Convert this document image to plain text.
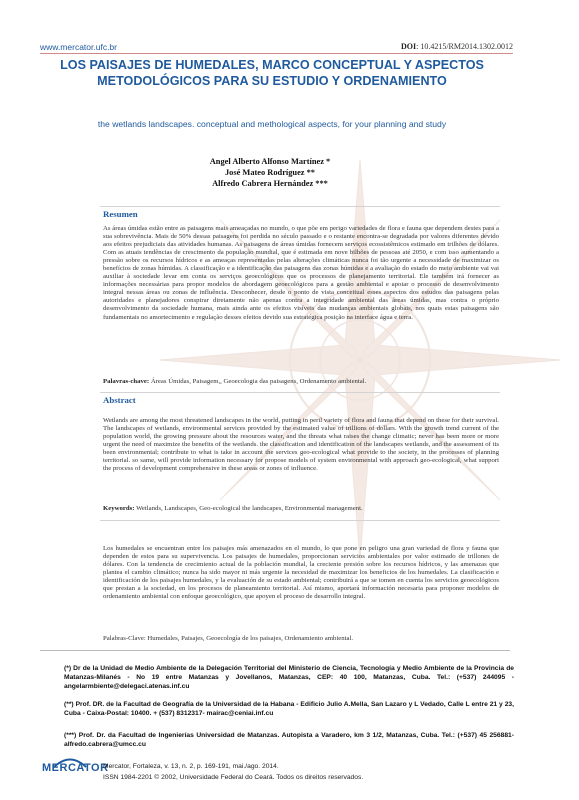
www.mercator.ufc.br	DOI: 10.4215/RM2014.1302.0012
LOS PAISAJES DE HUMEDALES, MARCO CONCEPTUAL Y ASPECTOS METODOLÓGICOS PARA SU ESTUDIO Y ORDENAMIENTO
the wetlands landscapes. conceptual and methological aspects, for your planning and study
Angel Alberto Alfonso Martínez *
José Mateo Rodríguez **
Alfredo Cabrera Hernández ***
Resumen

As áreas úmidas estão entre as paisagens mais ameaçadas no mundo, o que põe em perigo variedades de flora e fauna que dependem destes para a sua sobrevivência. Mais de 50% dessas paisagens foi perdida no século passado e o restante encontra-se degradada por valores diferentes devido aos efeitos prejudiciais das atividades humanas. As paisagens de áreas úmidas fornecem serviços ecossistêmicos estimado em trilhões de dólares. Com as atuais tendências de crescimento da população mundial, que é estimada em nove bilhões de pessoas até 2050, e com isso aumentando a pressão sobre os recursos hídricos e as ameaças representadas pelas alterações climáticas nunca foi tão urgente a necessidade de maximizar os benefícios de zonas húmidas. A classificação e a identificação das paisagens das zonas húmidas e a avaliação do estado do meio ambiente vai vai auxiliar à sociedade levar em conta os serviços geoecológicos que os processos de planejamento territorial. Ele também irá fornecer as informações necessárias para propor modelos de abordagem geoecológicos para a gestão ambiental e apoiar o processo de desenvolvimento integral nessas áreas ou zonas de influência. Desconhecer, desde o ponto de vista conceitual esses aspectos dos estudos das paisagens pelas autoridades e planejadores conspirar diretamente não apenas contra a integridade ambiental das áreas úmidas, mas contra o próprio desenvolvimento da sociedade humana, mais ainda ante os efeitos visíveis das mudanças ambientais globais, nos quais estas paisagens são fundamentais no amortecimento e regulação desses efeitos devido sua estratégica posição na interface água e terra.

Palavras-chave: Áreas Úmidas, Paisagem,, Geoecologia das paisagens, Ordenamento ambiental.
Abstract

Wetlands are among the most threatened landscapes in the world, putting in peril variety of flora and fauna that depend on these for their survival. The landscapes of wetlands, environmental services provided by the estimated value of trillions of dollars. With the growth trend current of the population world, the growing pressure about the resources water, and the threats what raises the change climatic; never has been more or more urgent the need of maximize the benefits of the wetlands. the classification and identification of the landscapes wetlands, and the assessment of its been environmental; contribute to what is take in account the services geo-ecological what provide to the society, in the processes of planning territorial. so same, will provide information necessary for propose models of system environmental with approach geo-ecological, what support the process of development comprehensive in these areas or zones of influence.

Keywords: Wetlands, Landscapes, Geo-ecological the landscapes, Environmental management.

Los humedales se encuentran entre los paisajes más amenazados en el mundo, lo que pone en peligro una gran variedad de flora y fauna que dependen de estos para su supervivencia. Los paisajes de humedales, proporcionan servicios ambientales por valor estimado de trillones de dólares. Con la tendencia de crecimiento actual de la población mundial, la creciente presión sobre los recursos hídricos, y las amenazas que plantea el cambio climático; nunca ha sido mayor ni más urgente la necesidad de maximizar los beneficios de los humedales. La clasificación e identificación de los paisajes humedales, y la evaluación de su estado ambiental; contribuirá a que se tomen en cuenta los servicios geoecológicos que prestan a la sociedad, en los procesos de planeamiento territorial. Así mismo, aportará información necesaria para proponer modelos de ordenamiento ambiental con enfoque geoecológico, que apoyen el proceso de desarrollo integral.

Palabras-Clave: Humedales, Paisajes, Geoecología de los paisajes, Ordenamiento ambiental.
(*) Dr de la Unidad de Medio Ambiente de la Delegación Territorial del Ministerio de Ciencia, Tecnología y Medio Ambiente de la Provincia de Matanzas-Milanés - No 19 entre Matanzas y Jovellanos, Matanzas, CEP: 40 100, Matanzas, Cuba. Tel.: (+537) 244095 - angelarmbiente@delegaci.atenas.inf.cu
(**) Prof. DR. de la Facultad de Geografía de la Universidad de la Habana - Edificio Julio A.Mella, San Lazaro y L Vedado, Calle L entre 21 y 23, Cuba - Caixa-Postal: 10400. + (537) 8312317- mairac@ceniai.inf.cu
(***) Prof. Dr. da Facultad de Ingenierías Universidad de Matanzas. Autopista a Varadero, km 3 1/2, Matanzas, Cuba. Tel.: (+537) 45 256881- alfredo.cabrera@umcc.cu
MERCATOR
Mercator, Fortaleza, v. 13, n. 2, p. 169-191, mai./ago. 2014.
ISSN 1984-2201 © 2002, Universidade Federal do Ceará. Todos os direitos reservados.
